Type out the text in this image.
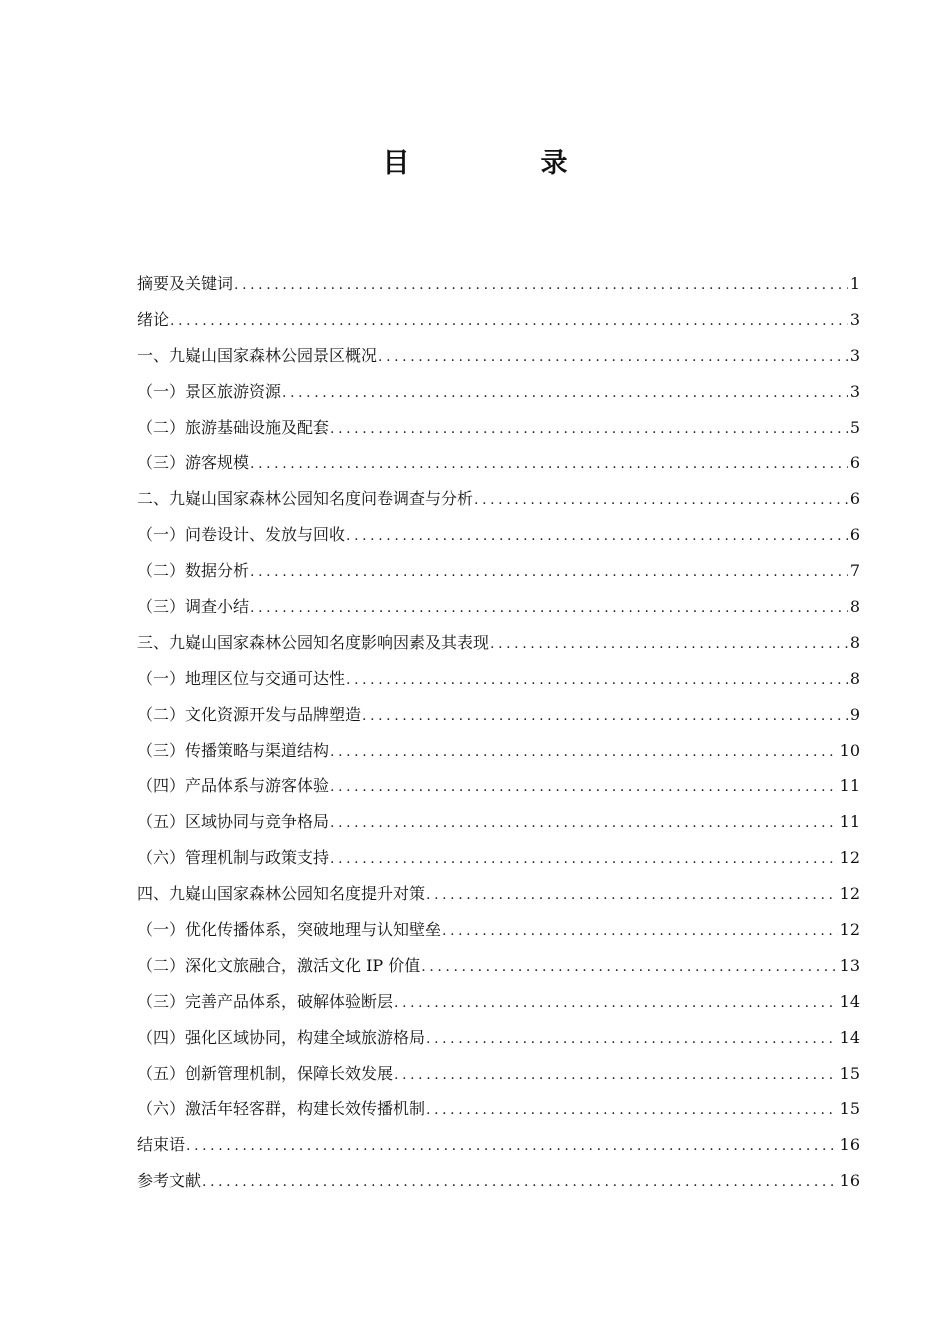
目　录
摘要及关键词 .....	1
绪论 .....	3
一、九嶷山国家森林公园景区概况 .....	3
（一）景区旅游资源 .....	3
（二）旅游基础设施及配套 .....	5
（三）游客规模 .....	6
二、九嶷山国家森林公园知名度问卷调查与分析 .....	6
（一）问卷设计、发放与回收 .....	6
（二）数据分析 .....	7
（三）调查小结 .....	8
三、九嶷山国家森林公园知名度影响因素及其表现 .....	8
（一）地理区位与交通可达性 .....	8
（二）文化资源开发与品牌塑造 .....	9
（三）传播策略与渠道结构 .....	10
（四）产品体系与游客体验 .....	11
（五）区域协同与竞争格局 .....	11
（六）管理机制与政策支持 .....	12
四、九嶷山国家森林公园知名度提升对策 .....	12
（一）优化传播体系，突破地理与认知壁垒 .....	12
（二）深化文旅融合，激活文化 IP 价值 .....	13
（三）完善产品体系，破解体验断层 .....	14
（四）强化区域协同，构建全域旅游格局 .....	14
（五）创新管理机制，保障长效发展 .....	15
（六）激活年轻客群，构建长效传播机制 .....	15
结束语 .....	16
参考文献 .....	16
